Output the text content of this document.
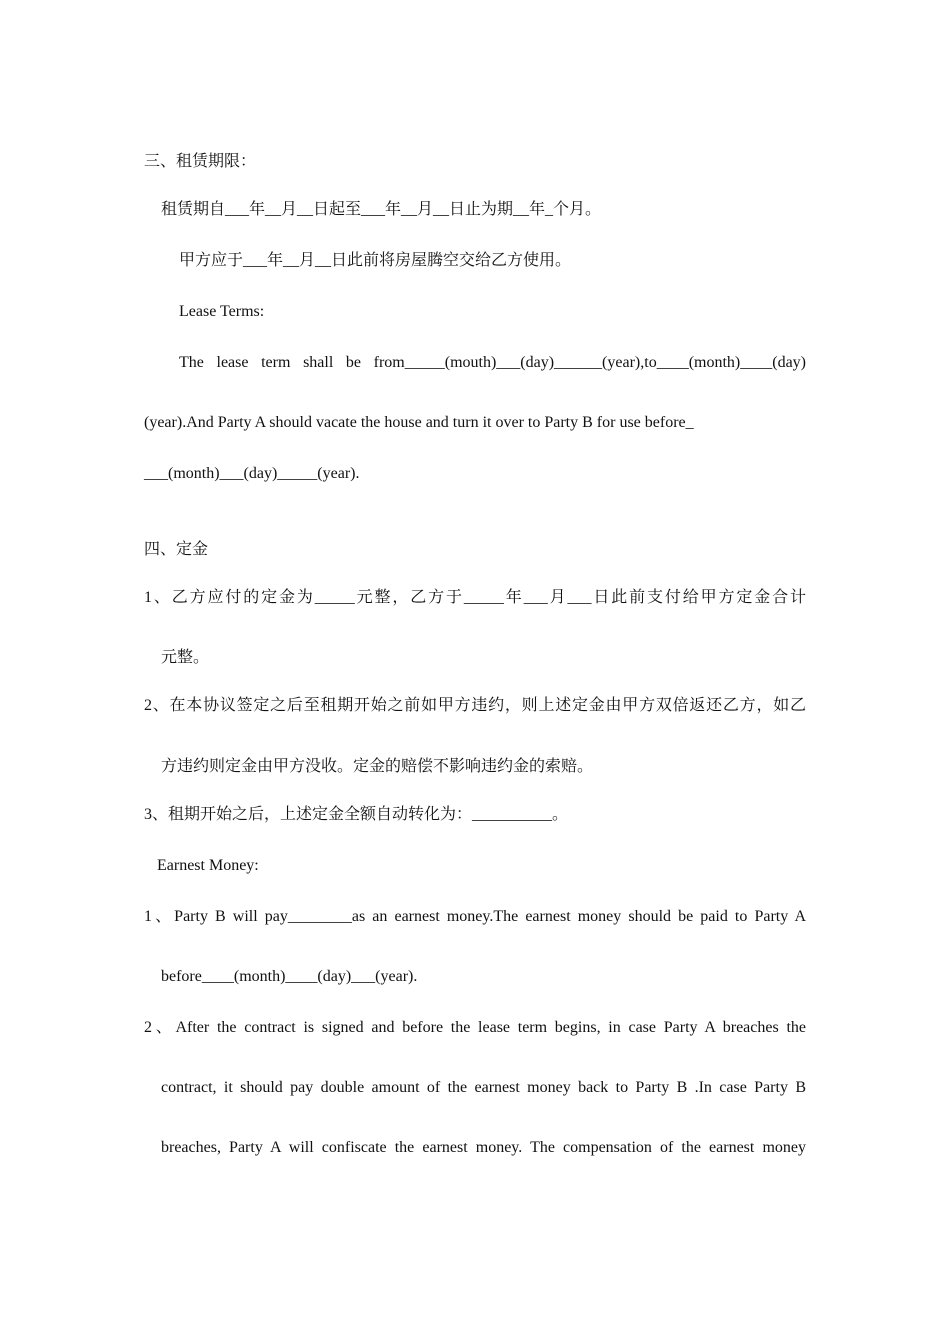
三、租赁期限：
租赁期自___年__月__日起至___年__月__日止为期__年_个月。
甲方应于___年__月__日此前将房屋腾空交给乙方使用。
Lease Terms:
The lease term shall be from_____(mouth)___(day)______(year),to____(month)____(day)
(year).And Party A should vacate the house and turn it over to Party B for use before_
___(month)___(day)_____(year).
四、定金
1、乙方应付的定金为_____元整，乙方于_____年___月___日此前支付给甲方定金合计
元整。
2、在本协议签定之后至租期开始之前如甲方违约，则上述定金由甲方双倍返还乙方，如乙
方违约则定金由甲方没收。定金的赔偿不影响违约金的索赔。
3、租期开始之后，上述定金全额自动转化为：__________。
Earnest Money:
1、Party B will pay________as an earnest money.The earnest money should be paid to Party A
before____(month)____(day)___(year).
2、After the contract is signed and before the lease term begins, in case Party A breaches the
contract, it should pay double amount of the earnest money back to Party B .In case Party B
breaches, Party A will confiscate the earnest money. The compensation of the earnest money
